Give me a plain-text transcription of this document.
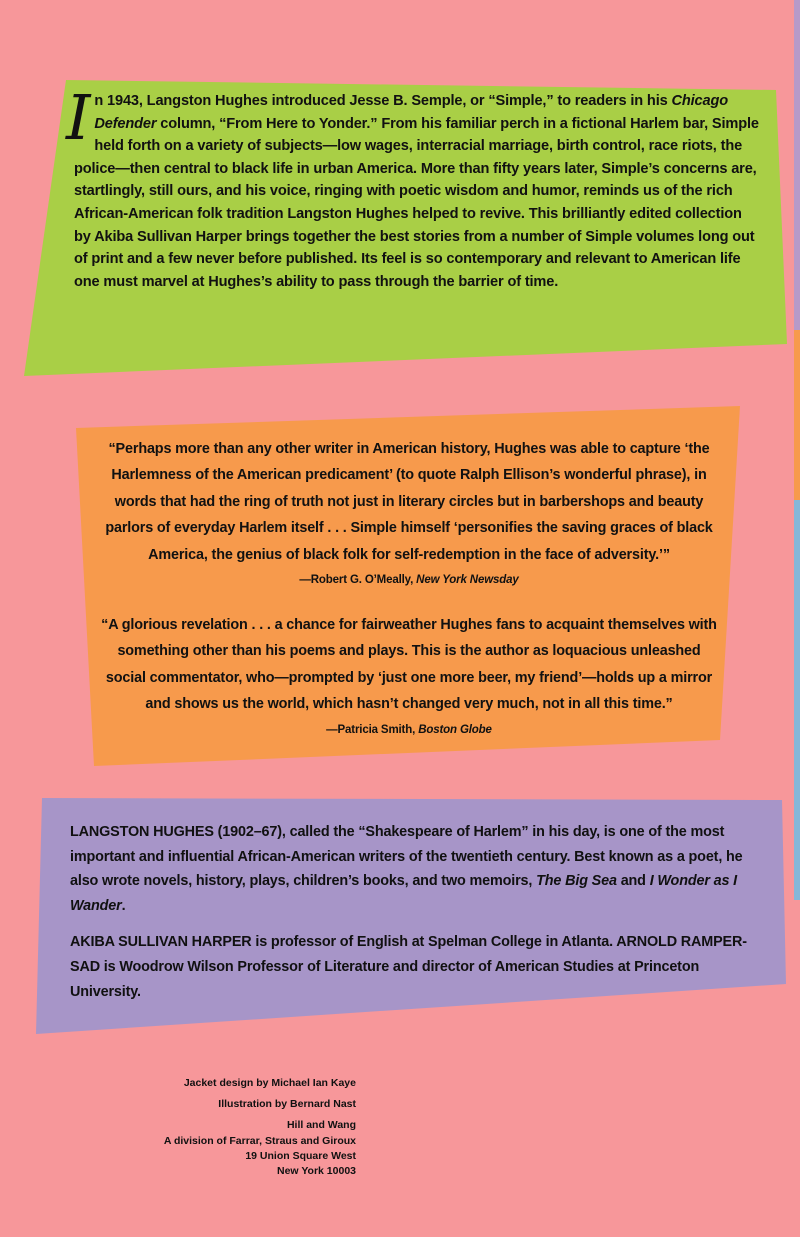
In 1943, Langston Hughes introduced Jesse B. Semple, or “Simple,” to readers in his Chicago Defender column, “From Here to Yonder.” From his familiar perch in a fictional Harlem bar, Simple held forth on a variety of subjects—low wages, interracial marriage, birth control, race riots, the police—then central to black life in urban America. More than fifty years later, Simple’s concerns are, startlingly, still ours, and his voice, ringing with poetic wisdom and humor, reminds us of the rich African-American folk tradition Langston Hughes helped to revive. This brilliantly edited collection by Akiba Sullivan Harper brings together the best stories from a number of Simple volumes long out of print and a few never before published. Its feel is so contemporary and relevant to American life one must marvel at Hughes’s ability to pass through the barrier of time.
“Perhaps more than any other writer in American history, Hughes was able to capture ‘the Harlemness of the American predicament’ (to quote Ralph Ellison’s wonderful phrase), in words that had the ring of truth not just in literary circles but in barbershops and beauty parlors of everyday Harlem itself . . . Simple himself ‘personifies the saving graces of black America, the genius of black folk for self-redemption in the face of adversity.’”
—Robert G. O’Meally, New York Newsday
“A glorious revelation . . . a chance for fairweather Hughes fans to acquaint themselves with something other than his poems and plays. This is the author as loquacious unleashed social commentator, who—prompted by ‘just one more beer, my friend’—holds up a mirror and shows us the world, which hasn’t changed very much, not in all this time.”
—Patricia Smith, Boston Globe

LANGSTON HUGHES (1902–67), called the “Shakespeare of Harlem” in his day, is one of the most important and influential African-American writers of the twentieth century. Best known as a poet, he also wrote novels, history, plays, children’s books, and two memoirs, The Big Sea and I Wonder as I Wander.

AKIBA SULLIVAN HARPER is professor of English at Spelman College in Atlanta. ARNOLD RAMPER-SAD is Woodrow Wilson Professor of Literature and director of American Studies at Princeton University.

Jacket design by Michael Ian Kaye
Illustration by Bernard Nast
Hill and Wang
A division of Farrar, Straus and Giroux
19 Union Square West
New York 10003
